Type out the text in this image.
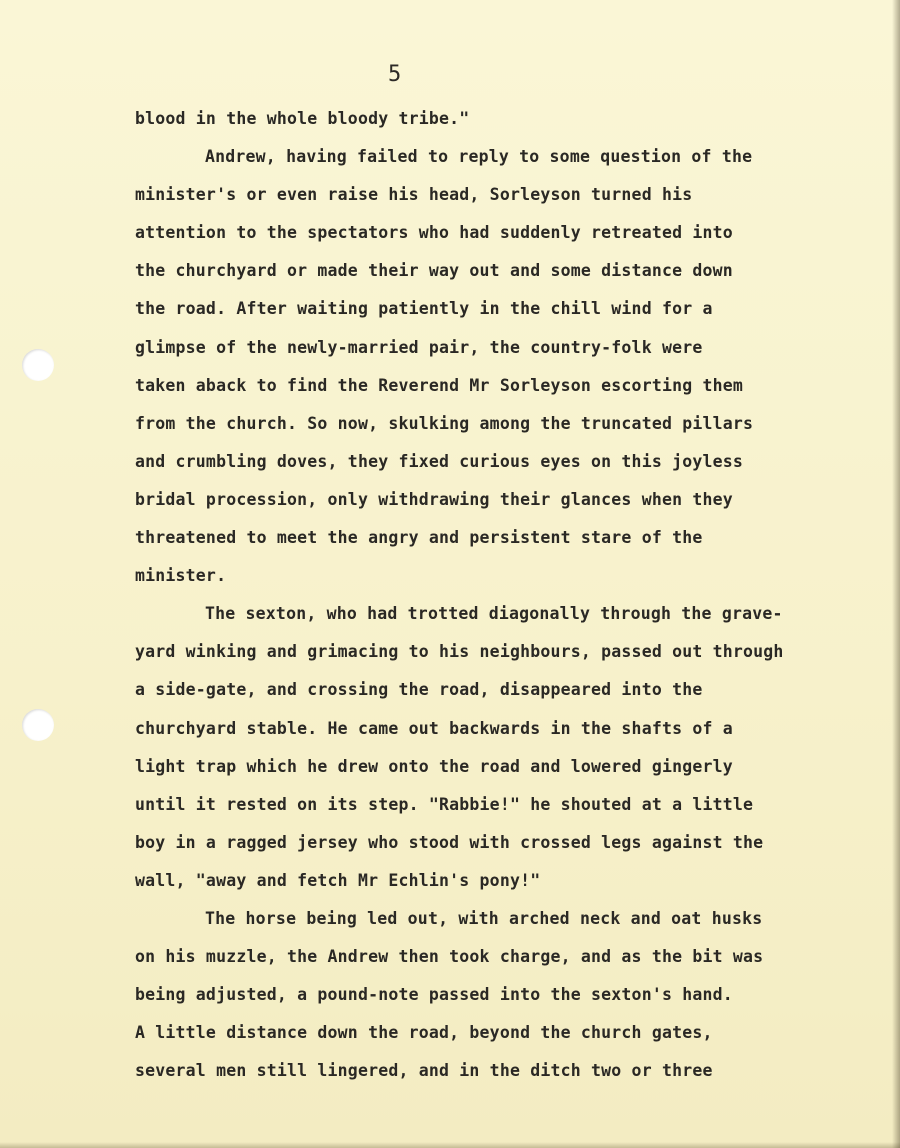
5

blood in the whole bloody tribe."
Andrew, having failed to reply to some question of the
minister's or even raise his head, Sorleyson turned his
attention to the spectators who had suddenly retreated into
the churchyard or made their way out and some distance down
the road. After waiting patiently in the chill wind for a
glimpse of the newly-married pair, the country-folk were
taken aback to find the Reverend Mr Sorleyson escorting them
from the church. So now, skulking among the truncated pillars
and crumbling doves, they fixed curious eyes on this joyless
bridal procession, only withdrawing their glances when they
threatened to meet the angry and persistent stare of the
minister.
The sexton, who had trotted diagonally through the grave-
yard winking and grimacing to his neighbours, passed out through
a side-gate, and crossing the road, disappeared into the
churchyard stable. He came out backwards in the shafts of a
light trap which he drew onto the road and lowered gingerly
until it rested on its step. "Rabbie!" he shouted at a little
boy in a ragged jersey who stood with crossed legs against the
wall, "away and fetch Mr Echlin's pony!"
The horse being led out, with arched neck and oat husks
on his muzzle, the Andrew then took charge, and as the bit was
being adjusted, a pound-note passed into the sexton's hand.
A little distance down the road, beyond the church gates,
several men still lingered, and in the ditch two or three
